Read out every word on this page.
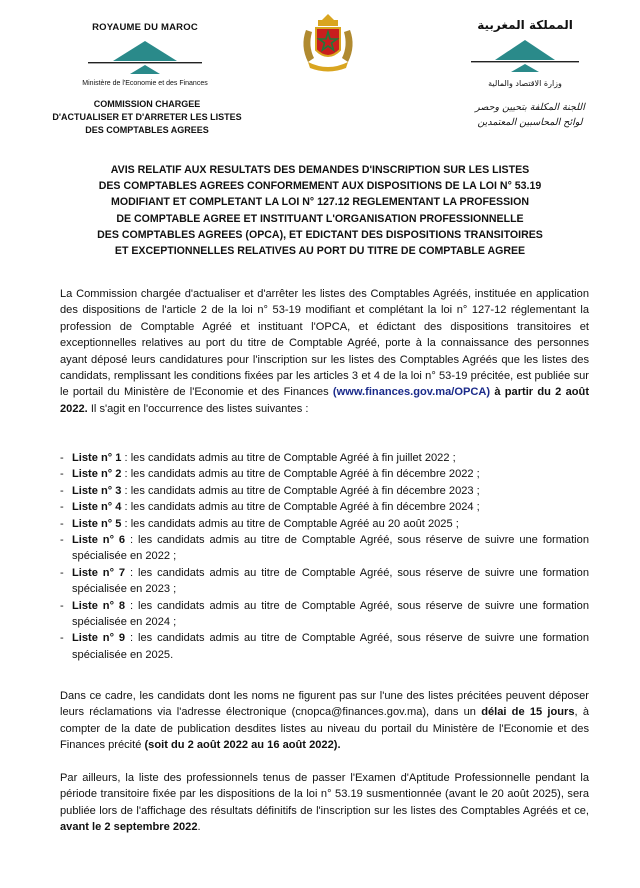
ROYAUME DU MAROC
Ministère de l'Economie et des Finances
COMMISSION CHARGEE
D'ACTUALISER ET D'ARRETER LES LISTES
DES COMPTABLES AGREES
المملكة المغربية
وزارة الاقتصاد والمالية
اللجنة المكلفة بتحيين وحصر
لوائح المحاسبين المعتمدين
AVIS RELATIF AUX RESULTATS DES DEMANDES D'INSCRIPTION SUR LES LISTES
DES COMPTABLES AGREES CONFORMEMENT AUX DISPOSITIONS DE LA LOI N° 53.19
MODIFIANT ET COMPLETANT LA LOI N° 127.12 REGLEMENTANT LA PROFESSION
DE COMPTABLE AGREE ET INSTITUANT L'ORGANISATION PROFESSIONNELLE
DES COMPTABLES AGREES (OPCA), ET EDICTANT DES DISPOSITIONS TRANSITOIRES
ET EXCEPTIONNELLES RELATIVES AU PORT DU TITRE DE COMPTABLE AGREE
La Commission chargée d'actualiser et d'arrêter les listes des Comptables Agréés, instituée en application des dispositions de l'article 2 de la loi n° 53-19 modifiant et complétant la loi n° 127-12 réglementant la profession de Comptable Agréé et instituant l'OPCA, et édictant des dispositions transitoires et exceptionnelles relatives au port du titre de Comptable Agréé, porte à la connaissance des personnes ayant déposé leurs candidatures pour l'inscription sur les listes des Comptables Agréés que les listes des candidats, remplissant les conditions fixées par les articles 3 et 4 de la loi n° 53-19 précitée, est publiée sur le portail du Ministère de l'Economie et des Finances (www.finances.gov.ma/OPCA) à partir du 2 août 2022. Il s'agit en l'occurrence des listes suivantes :
- Liste n° 1 : les candidats admis au titre de Comptable Agréé à fin juillet 2022 ;
- Liste n° 2 : les candidats admis au titre de Comptable Agréé à fin décembre 2022 ;
- Liste n° 3 : les candidats admis au titre de Comptable Agréé à fin décembre 2023 ;
- Liste n° 4 : les candidats admis au titre de Comptable Agréé à fin décembre 2024 ;
- Liste n° 5 : les candidats admis au titre de Comptable Agréé au 20 août 2025 ;
- Liste n° 6 : les candidats admis au titre de Comptable Agréé, sous réserve de suivre une formation spécialisée en 2022 ;
- Liste n° 7 : les candidats admis au titre de Comptable Agréé, sous réserve de suivre une formation spécialisée en 2023 ;
- Liste n° 8 : les candidats admis au titre de Comptable Agréé, sous réserve de suivre une formation spécialisée en 2024 ;
- Liste n° 9 : les candidats admis au titre de Comptable Agréé, sous réserve de suivre une formation spécialisée en 2025.
Dans ce cadre, les candidats dont les noms ne figurent pas sur l'une des listes précitées peuvent déposer leurs réclamations via l'adresse électronique (cnopca@finances.gov.ma), dans un délai de 15 jours, à compter de la date de publication desdites listes au niveau du portail du Ministère de l'Economie et des Finances précité (soit du 2 août 2022 au 16 août 2022).
Par ailleurs, la liste des professionnels tenus de passer l'Examen d'Aptitude Professionnelle pendant la période transitoire fixée par les dispositions de la loi n° 53.19 susmentionnée (avant le 20 août 2025), sera publiée lors de l'affichage des résultats définitifs de l'inscription sur les listes des Comptables Agréés et ce, avant le 2 septembre 2022.
